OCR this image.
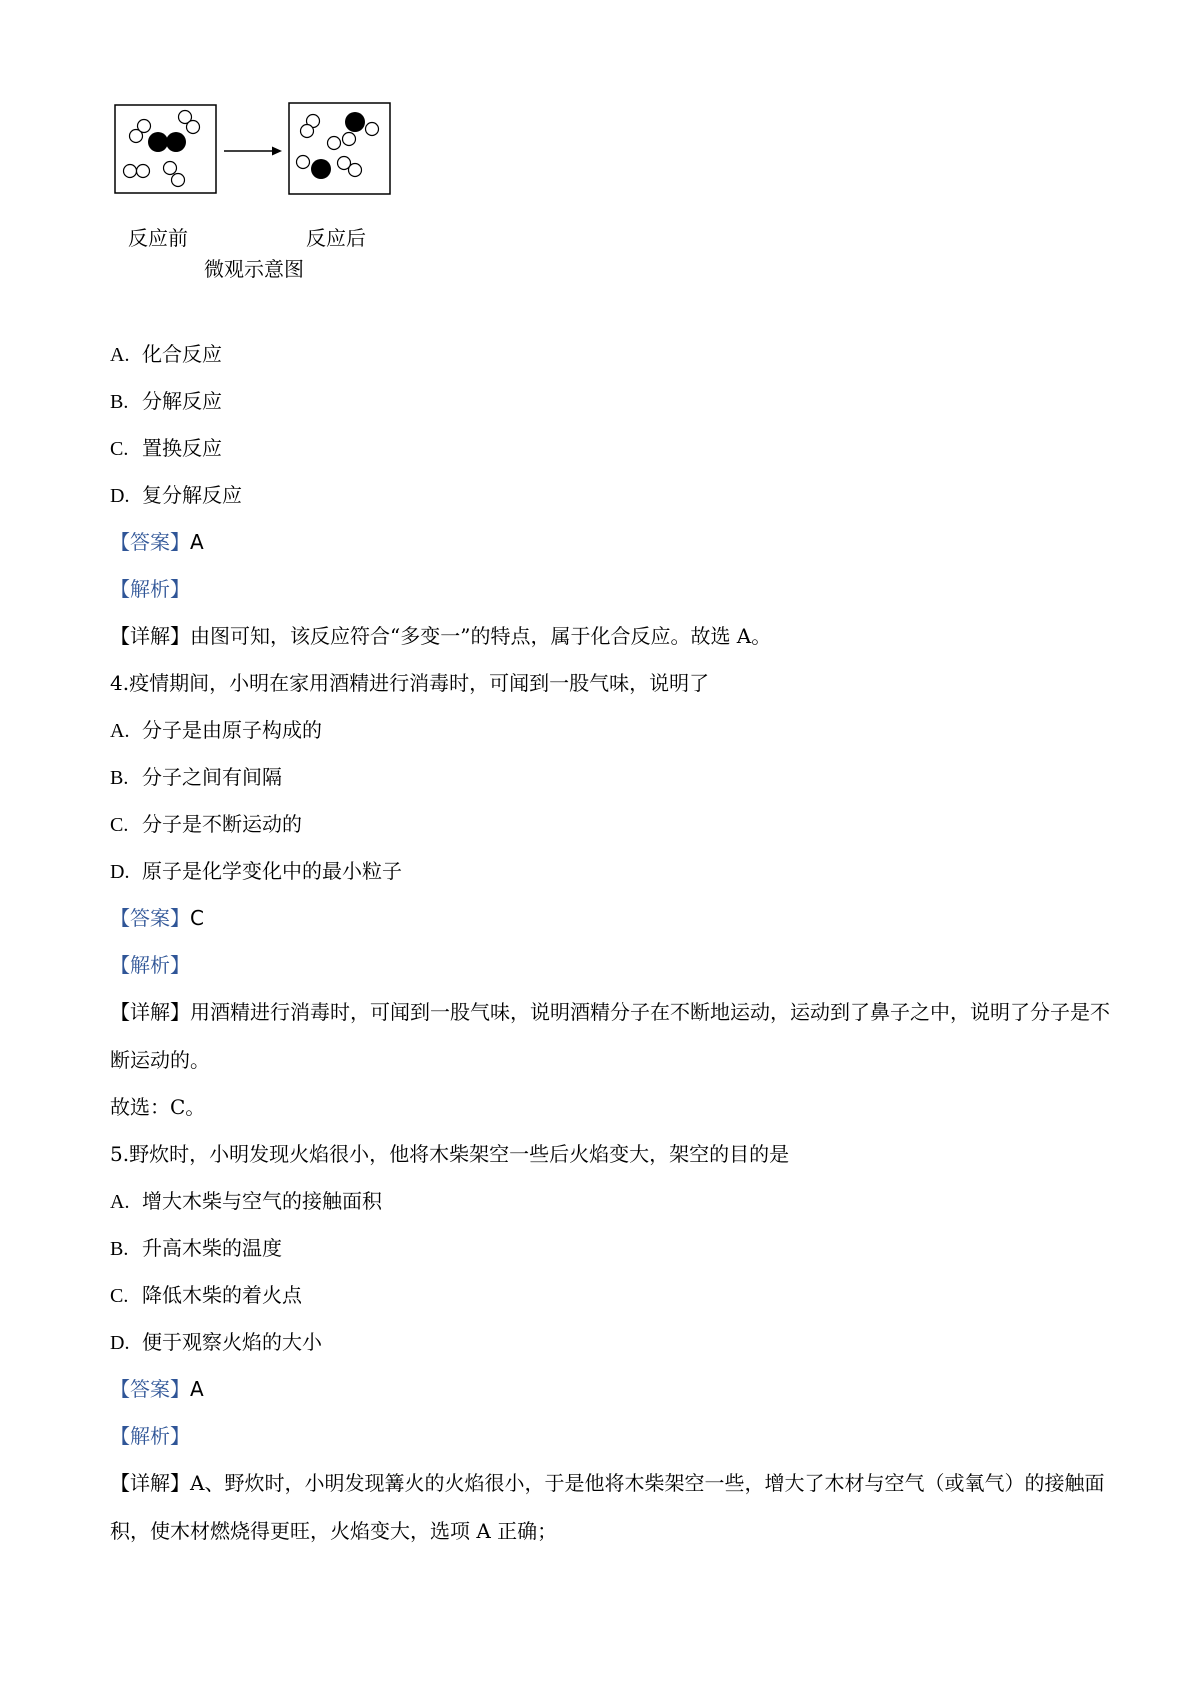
反应前	反应后
微观示意图
A. 化合反应
B. 分解反应
C. 置换反应
D. 复分解反应
【答案】A
【解析】
【详解】由图可知，该反应符合“多变一”的特点，属于化合反应。故选 A。
4.疫情期间，小明在家用酒精进行消毒时，可闻到一股气味，说明了
A. 分子是由原子构成的
B. 分子之间有间隔
C. 分子是不断运动的
D. 原子是化学变化中的最小粒子
【答案】C
【解析】
【详解】用酒精进行消毒时，可闻到一股气味，说明酒精分子在不断地运动，运动到了鼻子之中，说明了分子是不断运动的。
故选：C。
5.野炊时，小明发现火焰很小，他将木柴架空一些后火焰变大，架空的目的是
A. 增大木柴与空气的接触面积
B. 升高木柴的温度
C. 降低木柴的着火点
D. 便于观察火焰的大小
【答案】A
【解析】
【详解】A、野炊时，小明发现篝火的火焰很小，于是他将木柴架空一些，增大了木材与空气（或氧气）的接触面积，使木材燃烧得更旺，火焰变大，选项 A 正确；
